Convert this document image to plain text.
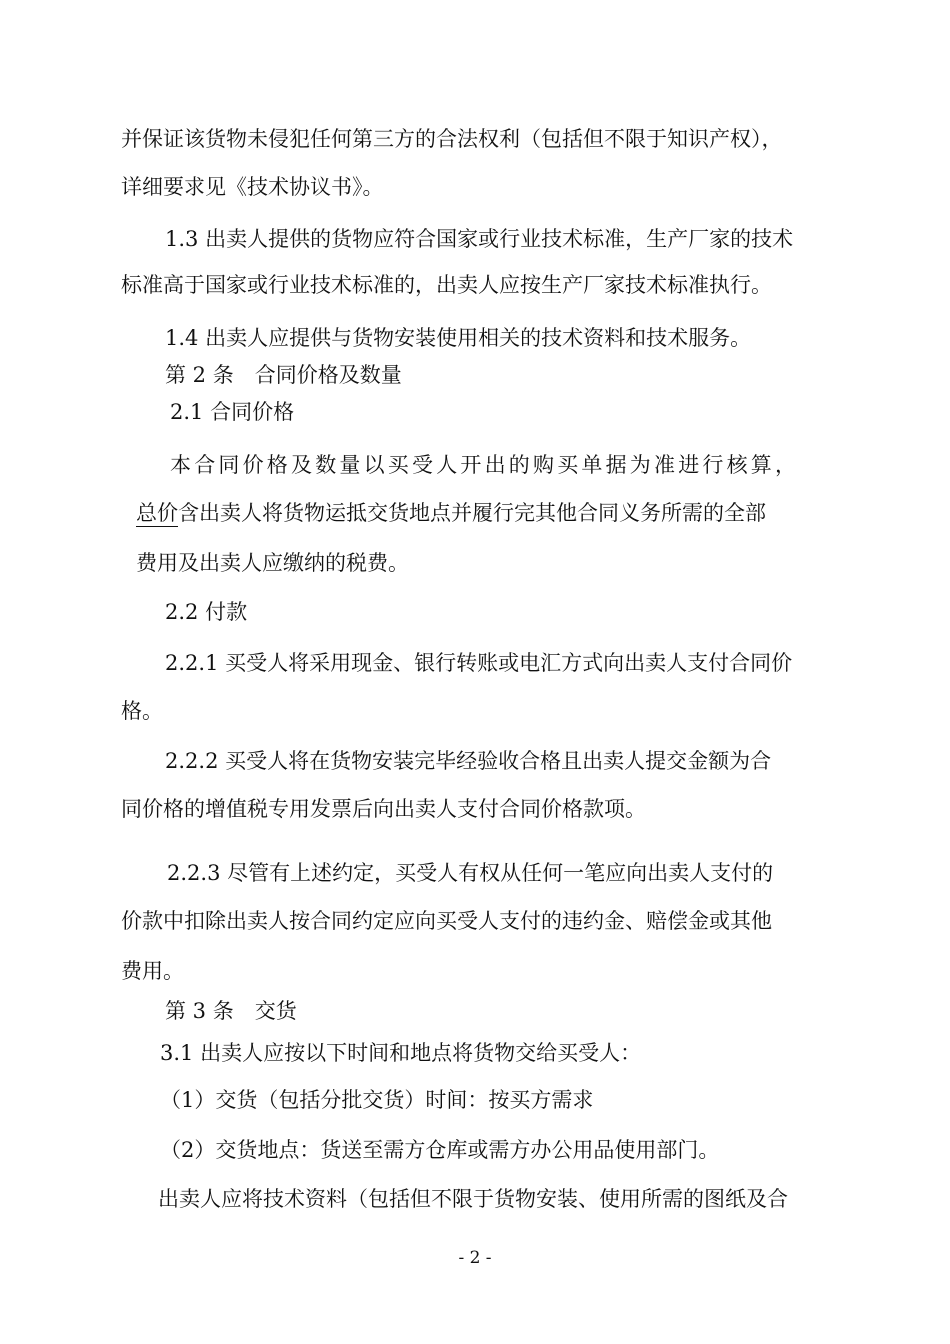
并保证该货物未侵犯任何第三方的合法权利（包括但不限于知识产权），
详细要求见《技术协议书》。
1.3 出卖人提供的货物应符合国家或行业技术标准，生产厂家的技术
标准高于国家或行业技术标准的，出卖人应按生产厂家技术标准执行。
1.4 出卖人应提供与货物安装使用相关的技术资料和技术服务。
第 2 条　合同价格及数量
2.1 合同价格
本合同价格及数量以买受人开出的购买单据为准进行核算，
总价含出卖人将货物运抵交货地点并履行完其他合同义务所需的全部
费用及出卖人应缴纳的税费。
2.2 付款
2.2.1 买受人将采用现金、银行转账或电汇方式向出卖人支付合同价
格。
2.2.2 买受人将在货物安装完毕经验收合格且出卖人提交金额为合
同价格的增值税专用发票后向出卖人支付合同价格款项。
2.2.3 尽管有上述约定，买受人有权从任何一笔应向出卖人支付的
价款中扣除出卖人按合同约定应向买受人支付的违约金、赔偿金或其他
费用。
第 3 条　交货
3.1 出卖人应按以下时间和地点将货物交给买受人：
（1）交货（包括分批交货）时间：按买方需求
（2）交货地点：货送至需方仓库或需方办公用品使用部门。
出卖人应将技术资料（包括但不限于货物安装、使用所需的图纸及合
- 2 -
